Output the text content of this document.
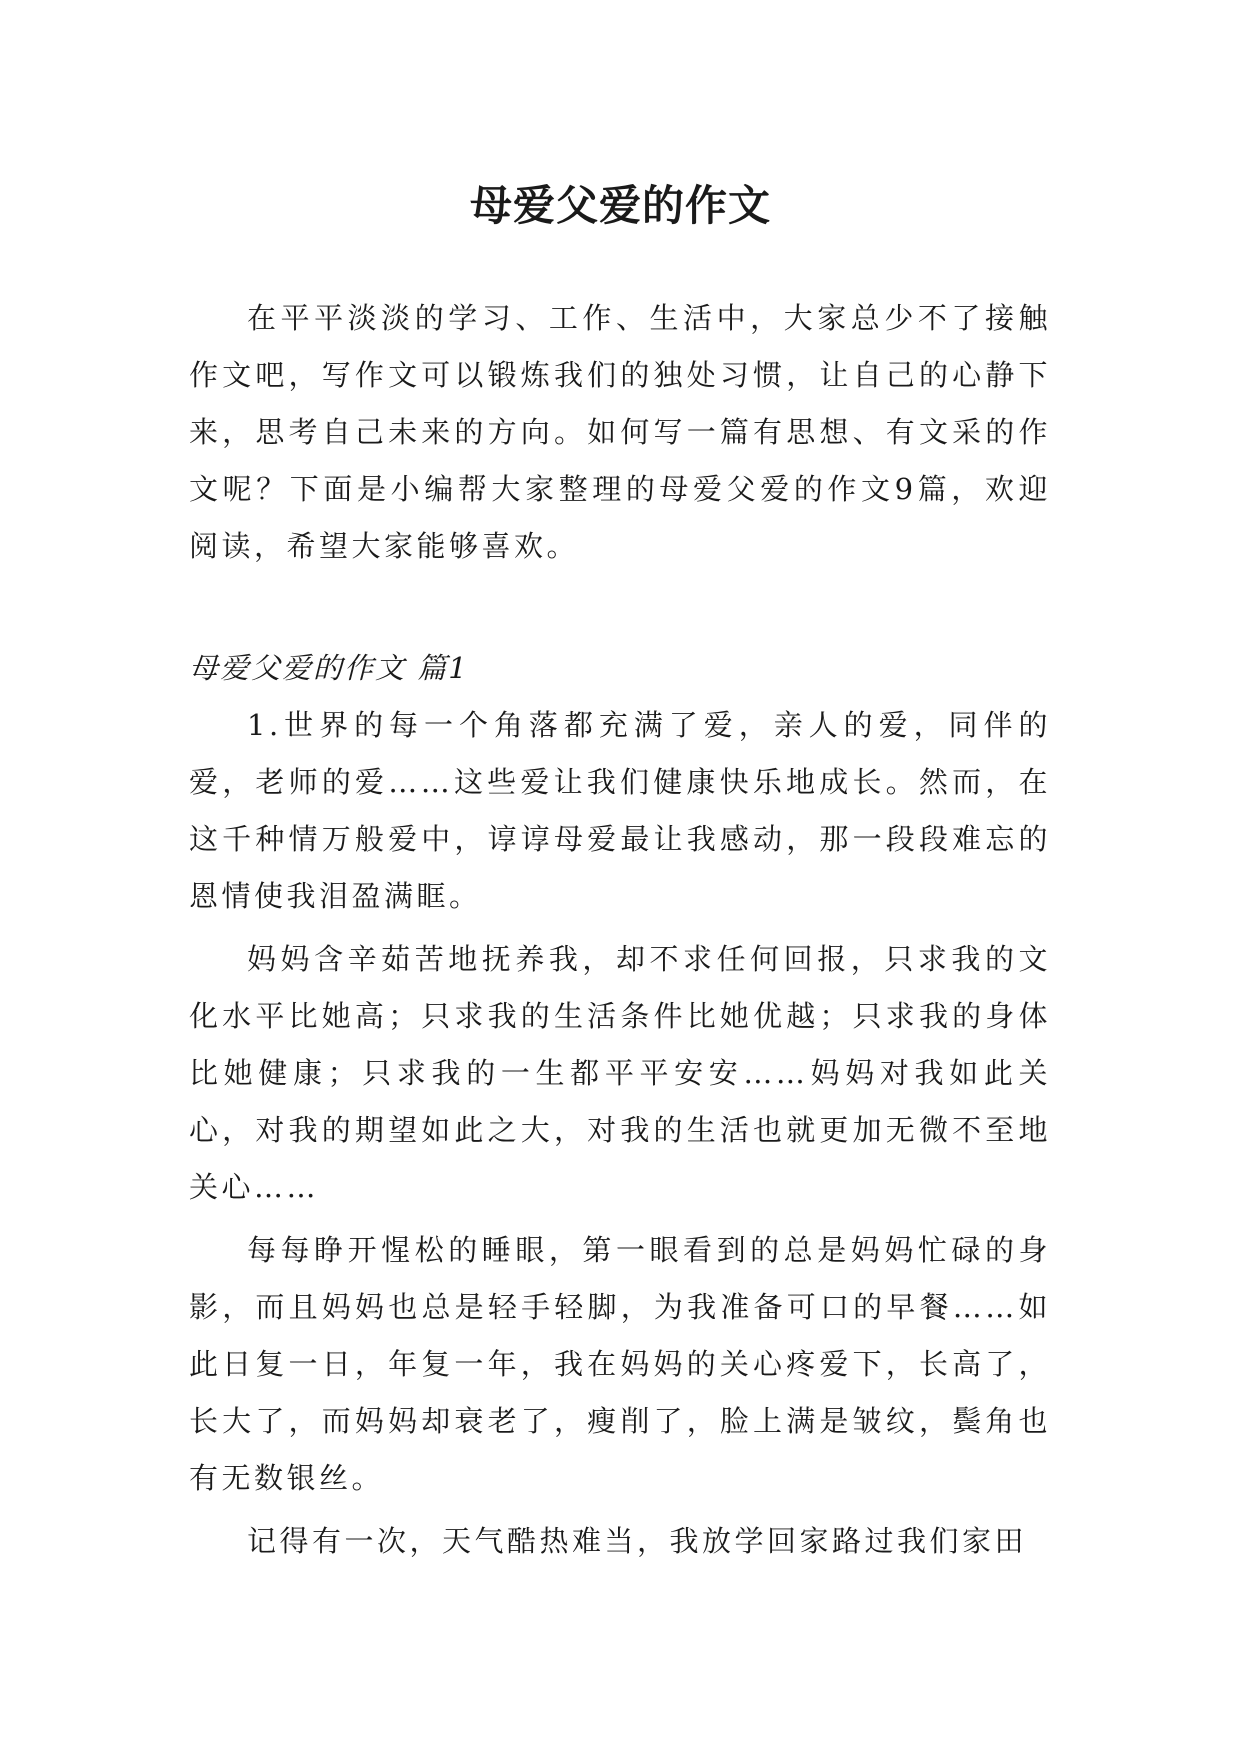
母爱父爱的作文

在平平淡淡的学习、工作、生活中，大家总少不了接触作文吧，写作文可以锻炼我们的独处习惯，让自己的心静下来，思考自己未来的方向。如何写一篇有思想、有文采的作文呢？下面是小编帮大家整理的母爱父爱的作文9篇，欢迎阅读，希望大家能够喜欢。

母爱父爱的作文 篇1

1.世界的每一个角落都充满了爱，亲人的爱，同伴的爱，老师的爱……这些爱让我们健康快乐地成长。然而，在这千种情万般爱中，谆谆母爱最让我感动，那一段段难忘的恩情使我泪盈满眶。

妈妈含辛茹苦地抚养我，却不求任何回报，只求我的文化水平比她高；只求我的生活条件比她优越；只求我的身体比她健康；只求我的一生都平平安安……妈妈对我如此关心，对我的期望如此之大，对我的生活也就更加无微不至地关心……

每每睁开惺松的睡眼，第一眼看到的总是妈妈忙碌的身影，而且妈妈也总是轻手轻脚，为我准备可口的早餐……如此日复一日，年复一年，我在妈妈的关心疼爱下，长高了，长大了，而妈妈却衰老了，瘦削了，脸上满是皱纹，鬓角也有无数银丝。

记得有一次，天气酷热难当，我放学回家路过我们家田
